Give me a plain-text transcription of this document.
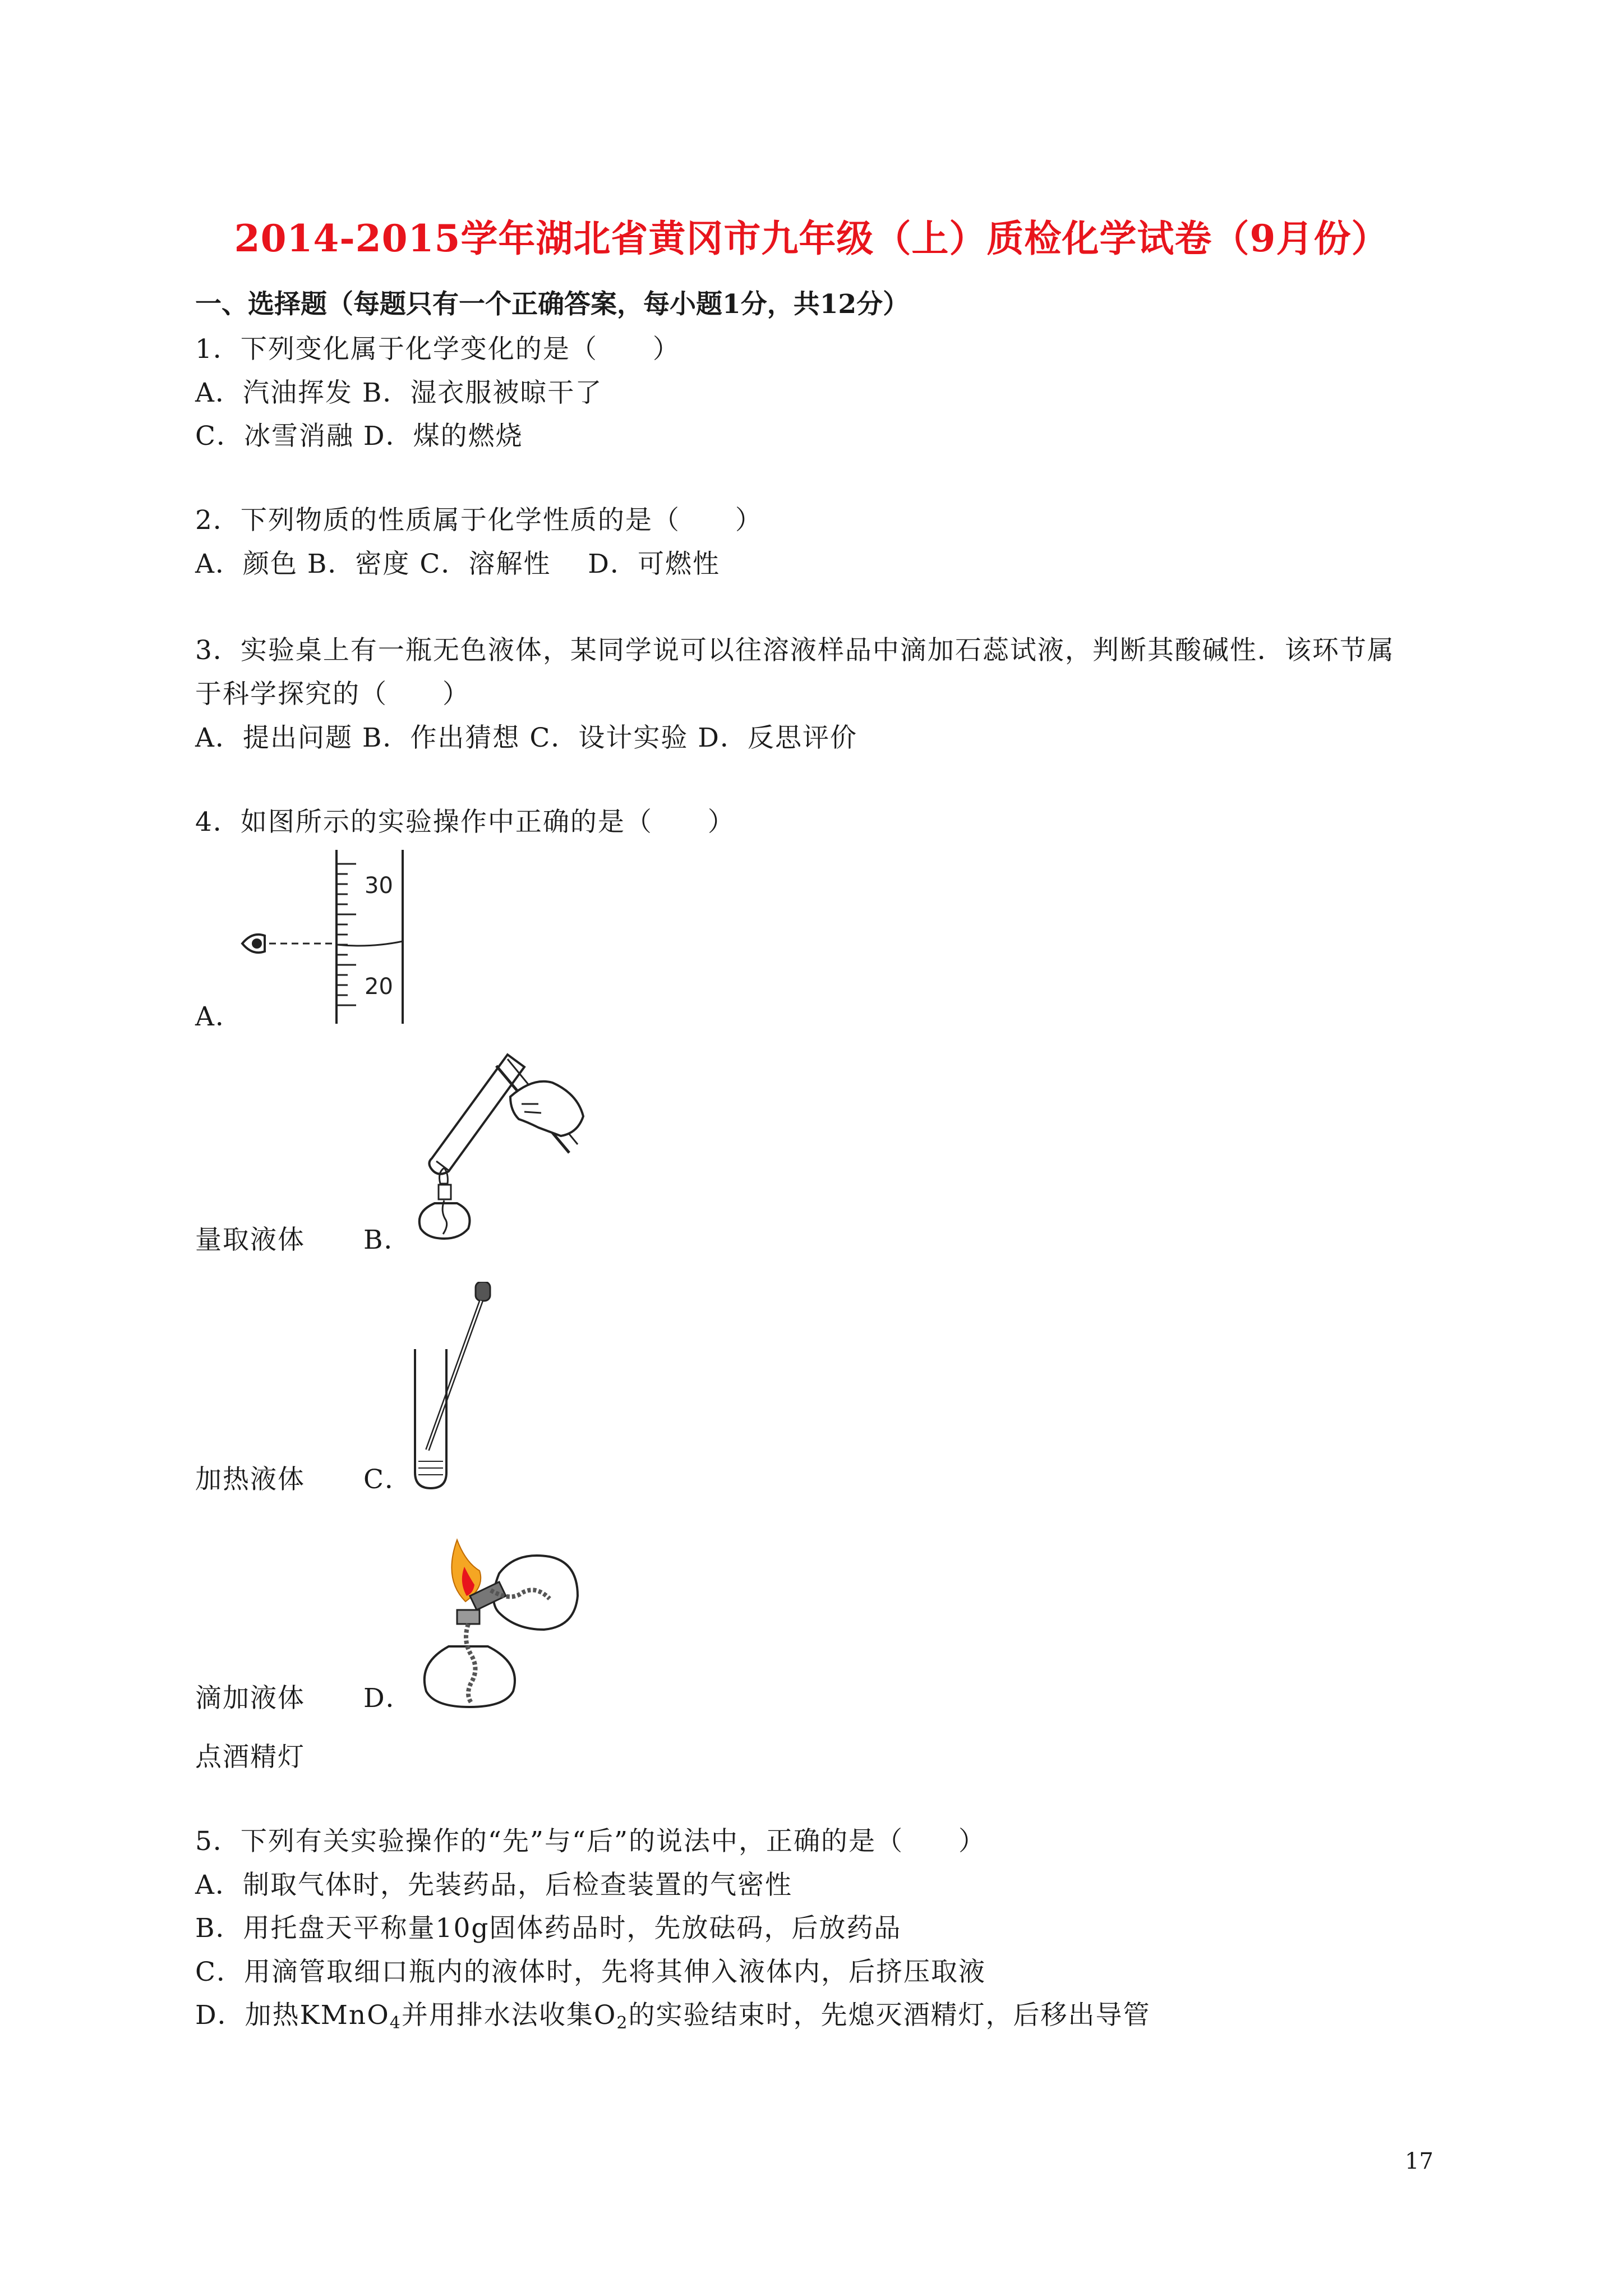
2014-2015学年湖北省黄冈市九年级（上）质检化学试卷（9月份）
一、选择题（每题只有一个正确答案，每小题1分，共12分）
1．下列变化属于化学变化的是（　　）
A．汽油挥发 B．湿衣服被晾干了
C．冰雪消融 D．煤的燃烧
2．下列物质的性质属于化学性质的是（　　）
A．颜色 B．密度 C．溶解性　 D．可燃性
3．实验桌上有一瓶无色液体，某同学说可以往溶液样品中滴加石蕊试液，判断其酸碱性．该环节属
于科学探究的（　　）
A．提出问题 B．作出猜想 C．设计实验 D．反思评价
4．如图所示的实验操作中正确的是（　　）
30
20
A．
量取液体 B．
加热液体 C．
滴加液体 D．
点酒精灯
5．下列有关实验操作的“先”与“后”的说法中，正确的是（　　）
A．制取气体时，先装药品，后检查装置的气密性
B．用托盘天平称量10g固体药品时，先放砝码，后放药品
C．用滴管取细口瓶内的液体时，先将其伸入液体内，后挤压取液
D．加热KMnO$_4$并用排水法收集$O_2$的实验结束时，先熄灭酒精灯，后移出导管
17
